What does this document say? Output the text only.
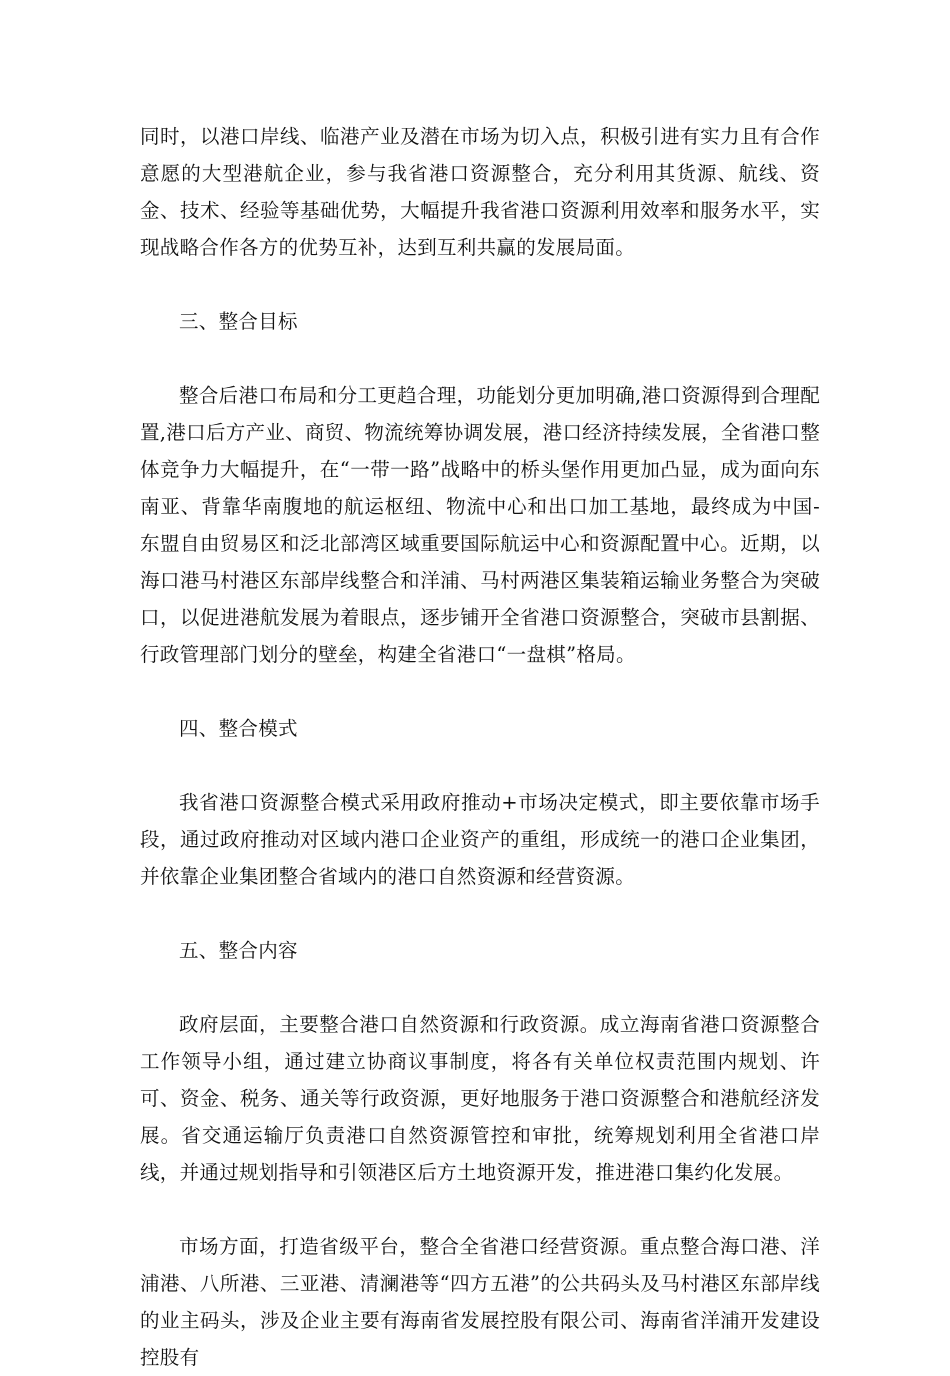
同时，以港口岸线、临港产业及潜在市场为切入点，积极引进有实力且有合作意愿的大型港航企业，参与我省港口资源整合，充分利用其货源、航线、资金、技术、经验等基础优势，大幅提升我省港口资源利用效率和服务水平，实现战略合作各方的优势互补，达到互利共赢的发展局面。

三、整合目标

整合后港口布局和分工更趋合理，功能划分更加明确,港口资源得到合理配置,港口后方产业、商贸、物流统筹协调发展，港口经济持续发展，全省港口整体竞争力大幅提升，在“一带一路”战略中的桥头堡作用更加凸显，成为面向东南亚、背靠华南腹地的航运枢纽、物流中心和出口加工基地，最终成为中国-东盟自由贸易区和泛北部湾区域重要国际航运中心和资源配置中心。近期，以海口港马村港区东部岸线整合和洋浦、马村两港区集装箱运输业务整合为突破口，以促进港航发展为着眼点，逐步铺开全省港口资源整合，突破市县割据、行政管理部门划分的壁垒，构建全省港口“一盘棋”格局。

四、整合模式

我省港口资源整合模式采用政府推动+市场决定模式，即主要依靠市场手段，通过政府推动对区域内港口企业资产的重组，形成统一的港口企业集团，并依靠企业集团整合省域内的港口自然资源和经营资源。

五、整合内容

政府层面，主要整合港口自然资源和行政资源。成立海南省港口资源整合工作领导小组，通过建立协商议事制度，将各有关单位权责范围内规划、许可、资金、税务、通关等行政资源，更好地服务于港口资源整合和港航经济发展。省交通运输厅负责港口自然资源管控和审批，统筹规划利用全省港口岸线，并通过规划指导和引领港区后方土地资源开发，推进港口集约化发展。

市场方面，打造省级平台，整合全省港口经营资源。重点整合海口港、洋浦港、八所港、三亚港、清澜港等“四方五港”的公共码头及马村港区东部岸线的业主码头，涉及企业主要有海南省发展控股有限公司、海南省洋浦开发建设控股有
